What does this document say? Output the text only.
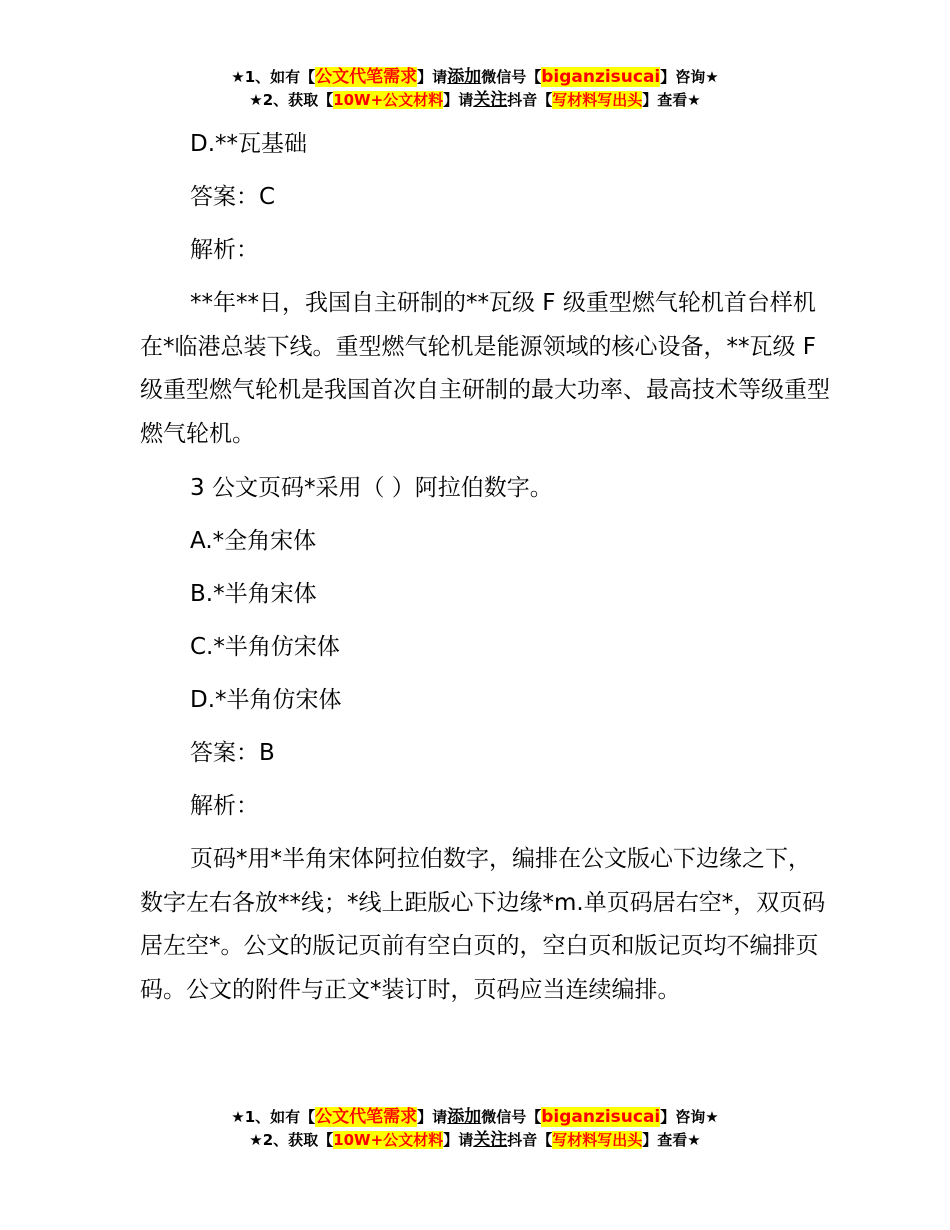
★1、如有【公文代笔需求】请添加微信号【biganzisucai】咨询★
★2、获取【10W+公文材料】请关注抖音【写材料写出头】查看★
D.**瓦基础
答案：C
解析：
**年**日，我国自主研制的**瓦级 F 级重型燃气轮机首台样机在*临港总装下线。重型燃气轮机是能源领域的核心设备，**瓦级 F 级重型燃气轮机是我国首次自主研制的最大功率、最高技术等级重型燃气轮机。
3 公文页码*采用（ ）阿拉伯数字。
A.*全角宋体
B.*半角宋体
C.*半角仿宋体
D.*半角仿宋体
答案：B
解析：
页码*用*半角宋体阿拉伯数字，编排在公文版心下边缘之下，数字左右各放**线；*线上距版心下边缘*m.单页码居右空*，双页码居左空*。公文的版记页前有空白页的，空白页和版记页均不编排页码。公文的附件与正文*装订时，页码应当连续编排。
★1、如有【公文代笔需求】请添加微信号【biganzisucai】咨询★
★2、获取【10W+公文材料】请关注抖音【写材料写出头】查看★
